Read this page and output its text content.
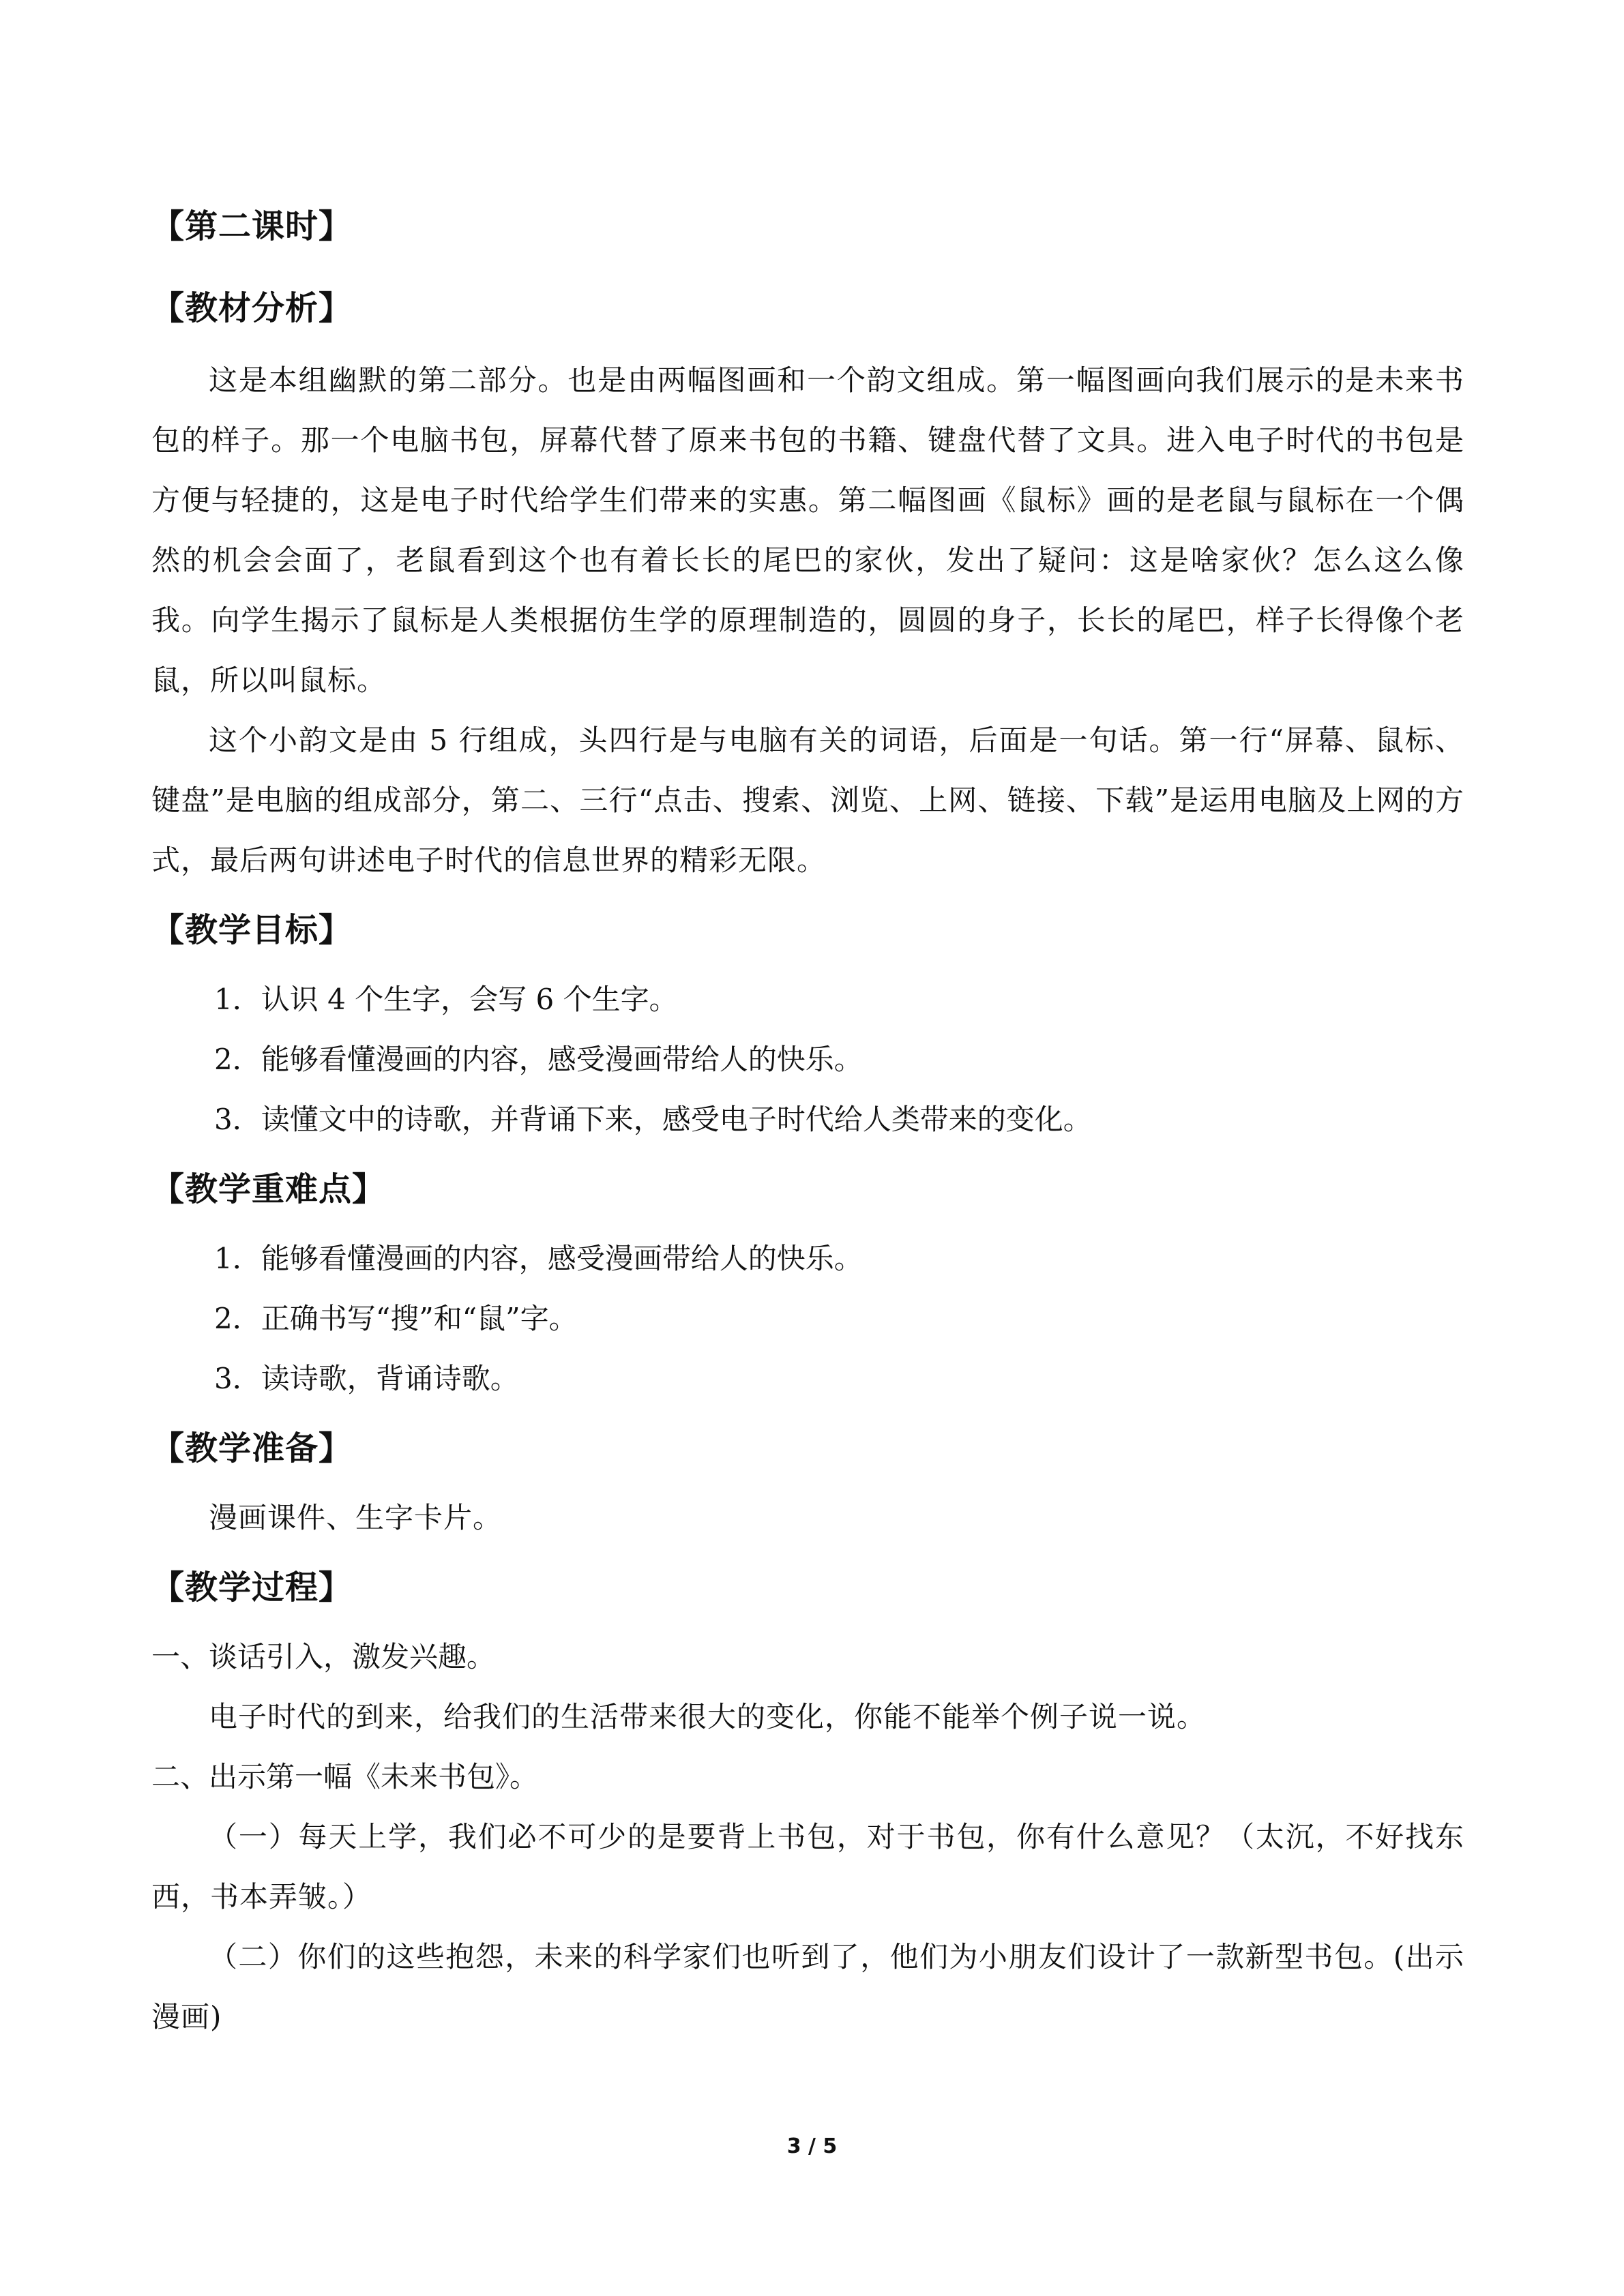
【第二课时】
【教材分析】

这是本组幽默的第二部分。也是由两幅图画和一个韵文组成。第一幅图画向我们展示的是未来书包的样子。那一个电脑书包，屏幕代替了原来书包的书籍、键盘代替了文具。进入电子时代的书包是方便与轻捷的，这是电子时代给学生们带来的实惠。第二幅图画《鼠标》画的是老鼠与鼠标在一个偶然的机会会面了，老鼠看到这个也有着长长的尾巴的家伙，发出了疑问：这是啥家伙？怎么这么像我。向学生揭示了鼠标是人类根据仿生学的原理制造的，圆圆的身子，长长的尾巴，样子长得像个老鼠，所以叫鼠标。

这个小韵文是由 5 行组成，头四行是与电脑有关的词语，后面是一句话。第一行“屏幕、鼠标、键盘”是电脑的组成部分，第二、三行“点击、搜索、浏览、上网、链接、下载”是运用电脑及上网的方式，最后两句讲述电子时代的信息世界的精彩无限。

【教学目标】

1．认识 4 个生字，会写 6 个生字。

2．能够看懂漫画的内容，感受漫画带给人的快乐。

3．读懂文中的诗歌，并背诵下来，感受电子时代给人类带来的变化。

【教学重难点】

1．能够看懂漫画的内容，感受漫画带给人的快乐。

2．正确书写“搜”和“鼠”字。

3．读诗歌，背诵诗歌。

【教学准备】

漫画课件、生字卡片。

【教学过程】

一、谈话引入，激发兴趣。

电子时代的到来，给我们的生活带来很大的变化，你能不能举个例子说一说。

二、出示第一幅《未来书包》。

（一）每天上学，我们必不可少的是要背上书包，对于书包，你有什么意见？（太沉，不好找东西，书本弄皱。）

（二）你们的这些抱怨，未来的科学家们也听到了，他们为小朋友们设计了一款新型书包。(出示漫画)

3 / 5
